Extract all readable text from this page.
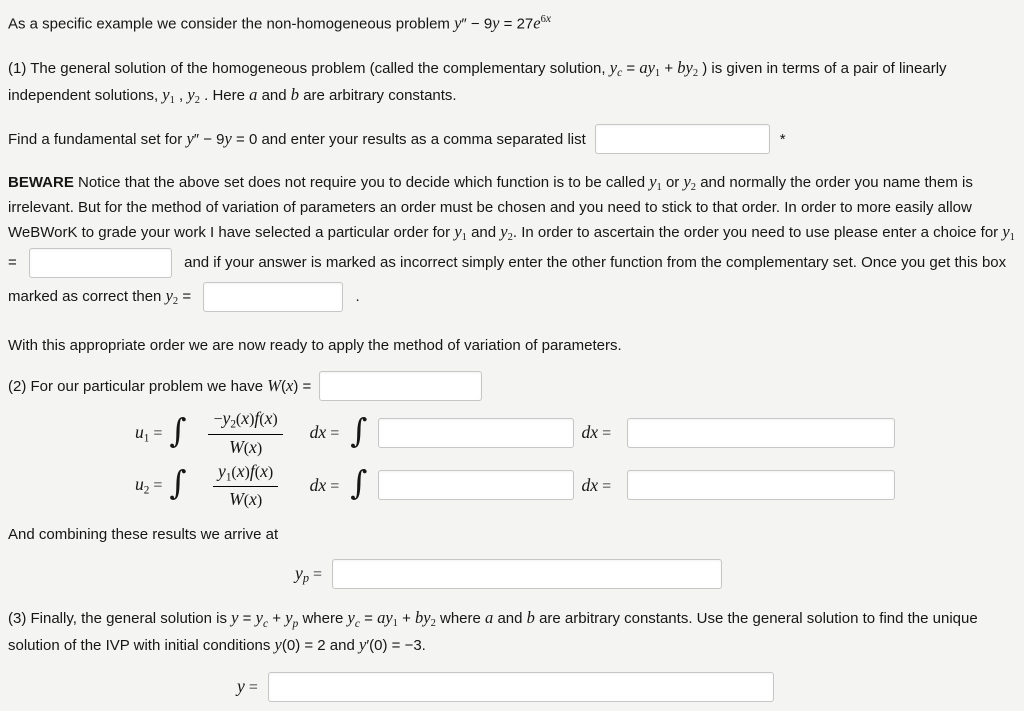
As a specific example we consider the non-homogeneous problem $y'' - 9y = 27e^{6x}$

(1) The general solution of the homogeneous problem (called the complementary solution, $y_c = ay_1 + by_2$ ) is given in terms of a pair of linearly independent solutions, $y_1$ , $y_2$ . Here a and b are arbitrary constants.

Find a fundamental set for y″ − 9y = 0 and enter your results as a comma separated list	*

BEWARE Notice that the above set does not require you to decide which function is to be called $y_1$ or $y_2$ and normally the order you name them is irrelevant. But for the method of variation of parameters an order must be chosen and you need to stick to that order. In order to more easily allow WeBWorK to grade your work I have selected a particular order for $y_1$ and $y_2$. In order to ascertain the order you need to use please enter a choice for $y_1$ =	and if your answer is marked as incorrect simply enter the other function from the complementary set. Once you get this box marked as correct then $y_2$ =	.

With this appropriate order we are now ready to apply the method of variation of parameters.

(2) For our particular problem we have W(x) =
$u_1$ = ∫ $\frac{-y_2(x)f(x)}{W(x)}$ dx = ∫	dx =
$u_2$ = ∫ $\frac{y_1(x)f(x)}{W(x)}$ dx = ∫	dx =

And combining these results we arrive at

$y_p$ =

(3) Finally, the general solution is $y = y_c + y_p$ where $y_c = ay_1 + by_2$ where a and b are arbitrary constants. Use the general solution to find the unique solution of the IVP with initial conditions y(0) = 2 and y′(0) = −3.

y =
